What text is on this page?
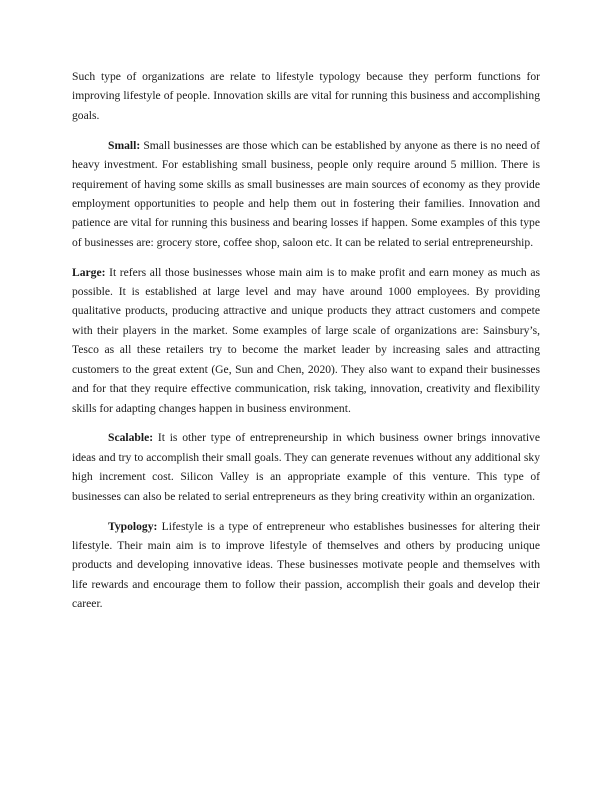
Such type of organizations are relate to lifestyle typology because they perform functions for improving lifestyle of people. Innovation skills are vital for running this business and accomplishing goals.

Small: Small businesses are those which can be established by anyone as there is no need of heavy investment. For establishing small business, people only require around 5 million. There is requirement of having some skills as small businesses are main sources of economy as they provide employment opportunities to people and help them out in fostering their families. Innovation and patience are vital for running this business and bearing losses if happen. Some examples of this type of businesses are: grocery store, coffee shop, saloon etc. It can be related to serial entrepreneurship.

Large: It refers all those businesses whose main aim is to make profit and earn money as much as possible. It is established at large level and may have around 1000 employees. By providing qualitative products, producing attractive and unique products they attract customers and compete with their players in the market. Some examples of large scale of organizations are: Sainsbury’s, Tesco as all these retailers try to become the market leader by increasing sales and attracting customers to the great extent (Ge, Sun and Chen, 2020). They also want to expand their businesses and for that they require effective communication, risk taking, innovation, creativity and flexibility skills for adapting changes happen in business environment.

Scalable: It is other type of entrepreneurship in which business owner brings innovative ideas and try to accomplish their small goals. They can generate revenues without any additional sky high increment cost. Silicon Valley is an appropriate example of this venture. This type of businesses can also be related to serial entrepreneurs as they bring creativity within an organization.

Typology: Lifestyle is a type of entrepreneur who establishes businesses for altering their lifestyle. Their main aim is to improve lifestyle of themselves and others by producing unique products and developing innovative ideas. These businesses motivate people and themselves with life rewards and encourage them to follow their passion, accomplish their goals and develop their career.
